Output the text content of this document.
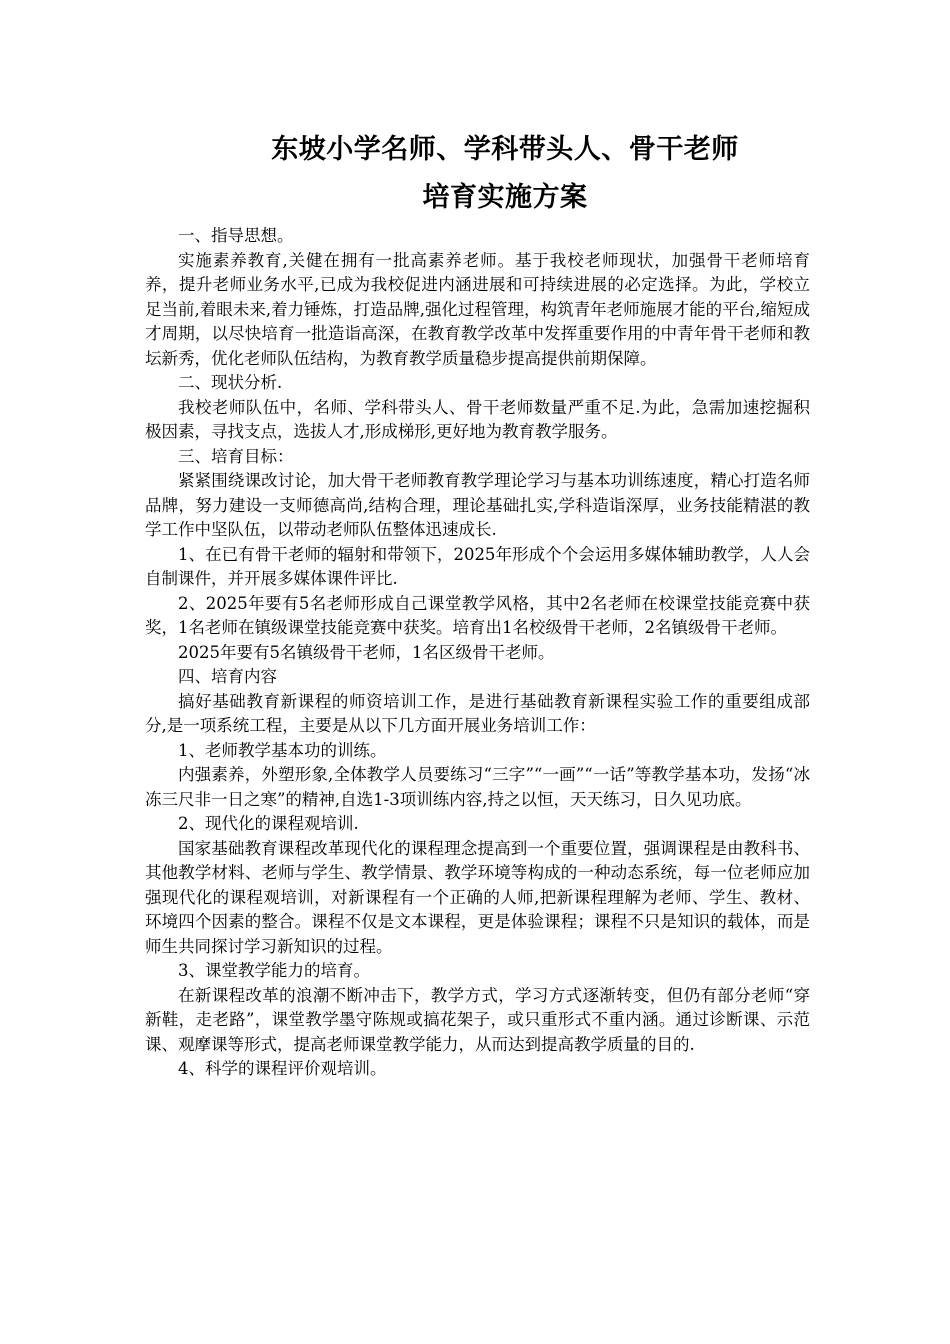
东坡小学名师、学科带头人、骨干老师
培育实施方案

一、指导思想。

实施素养教育,关健在拥有一批高素养老师。基于我校老师现状，加强骨干老师培育养，提升老师业务水平,已成为我校促进内涵进展和可持续进展的必定选择。为此，学校立足当前,着眼未来,着力锤炼，打造品牌,强化过程管理，构筑青年老师施展才能的平台,缩短成才周期，以尽快培育一批造诣高深，在教育教学改革中发挥重要作用的中青年骨干老师和教坛新秀，优化老师队伍结构，为教育教学质量稳步提高提供前期保障。

二、现状分析.

我校老师队伍中，名师、学科带头人、骨干老师数量严重不足.为此，急需加速挖掘积极因素，寻找支点，选拔人才,形成梯形,更好地为教育教学服务。

三、培育目标：

紧紧围绕课改讨论，加大骨干老师教育教学理论学习与基本功训练速度，精心打造名师品牌，努力建设一支师德高尚,结构合理，理论基础扎实,学科造诣深厚，业务技能精湛的教学工作中坚队伍，以带动老师队伍整体迅速成长.

1、在已有骨干老师的辐射和带领下，2025年形成个个会运用多媒体辅助教学，人人会自制课件，并开展多媒体课件评比.

2、2025年要有5名老师形成自己课堂教学风格，其中2名老师在校课堂技能竞赛中获奖，1名老师在镇级课堂技能竞赛中获奖。培育出1名校级骨干老师，2名镇级骨干老师。

2025年要有5名镇级骨干老师，1名区级骨干老师。

四、培育内容

搞好基础教育新课程的师资培训工作，是进行基础教育新课程实验工作的重要组成部分,是一项系统工程，主要是从以下几方面开展业务培训工作：

1、老师教学基本功的训练。

内强素养，外塑形象,全体教学人员要练习“三字”“一画”“一话”等教学基本功，发扬“冰冻三尺非一日之寒”的精神,自选1-3项训练内容,持之以恒，天天练习，日久见功底。

2、现代化的课程观培训.

国家基础教育课程改革现代化的课程理念提高到一个重要位置，强调课程是由教科书、其他教学材料、老师与学生、教学情景、教学环境等构成的一种动态系统，每一位老师应加强现代化的课程观培训，对新课程有一个正确的人师,把新课程理解为老师、学生、教材、环境四个因素的整合。课程不仅是文本课程，更是体验课程；课程不只是知识的载体，而是师生共同探讨学习新知识的过程。

3、课堂教学能力的培育。

在新课程改革的浪潮不断冲击下，教学方式，学习方式逐渐转变，但仍有部分老师“穿新鞋，走老路”，课堂教学墨守陈规或搞花架子，或只重形式不重内涵。通过诊断课、示范课、观摩课等形式，提高老师课堂教学能力，从而达到提高教学质量的目的.

4、科学的课程评价观培训。
